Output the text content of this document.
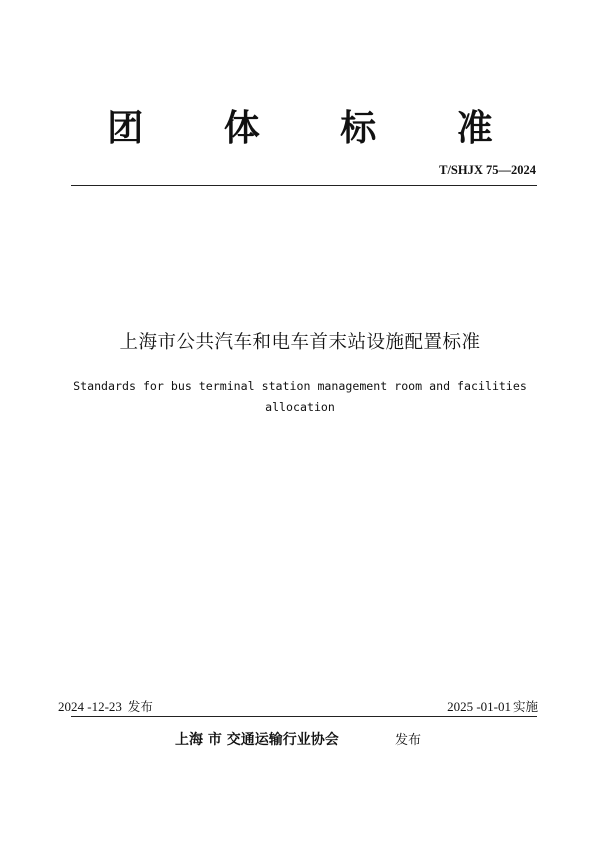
团 体 标 准
T/SHJX 75—2024
上海市公共汽车和电车首末站设施配置标准
Standards for bus terminal station management room and facilities
allocation
2024 -12-23 发布	2025 -01-01 实施
上海 市 交通运输行业协会	发布
